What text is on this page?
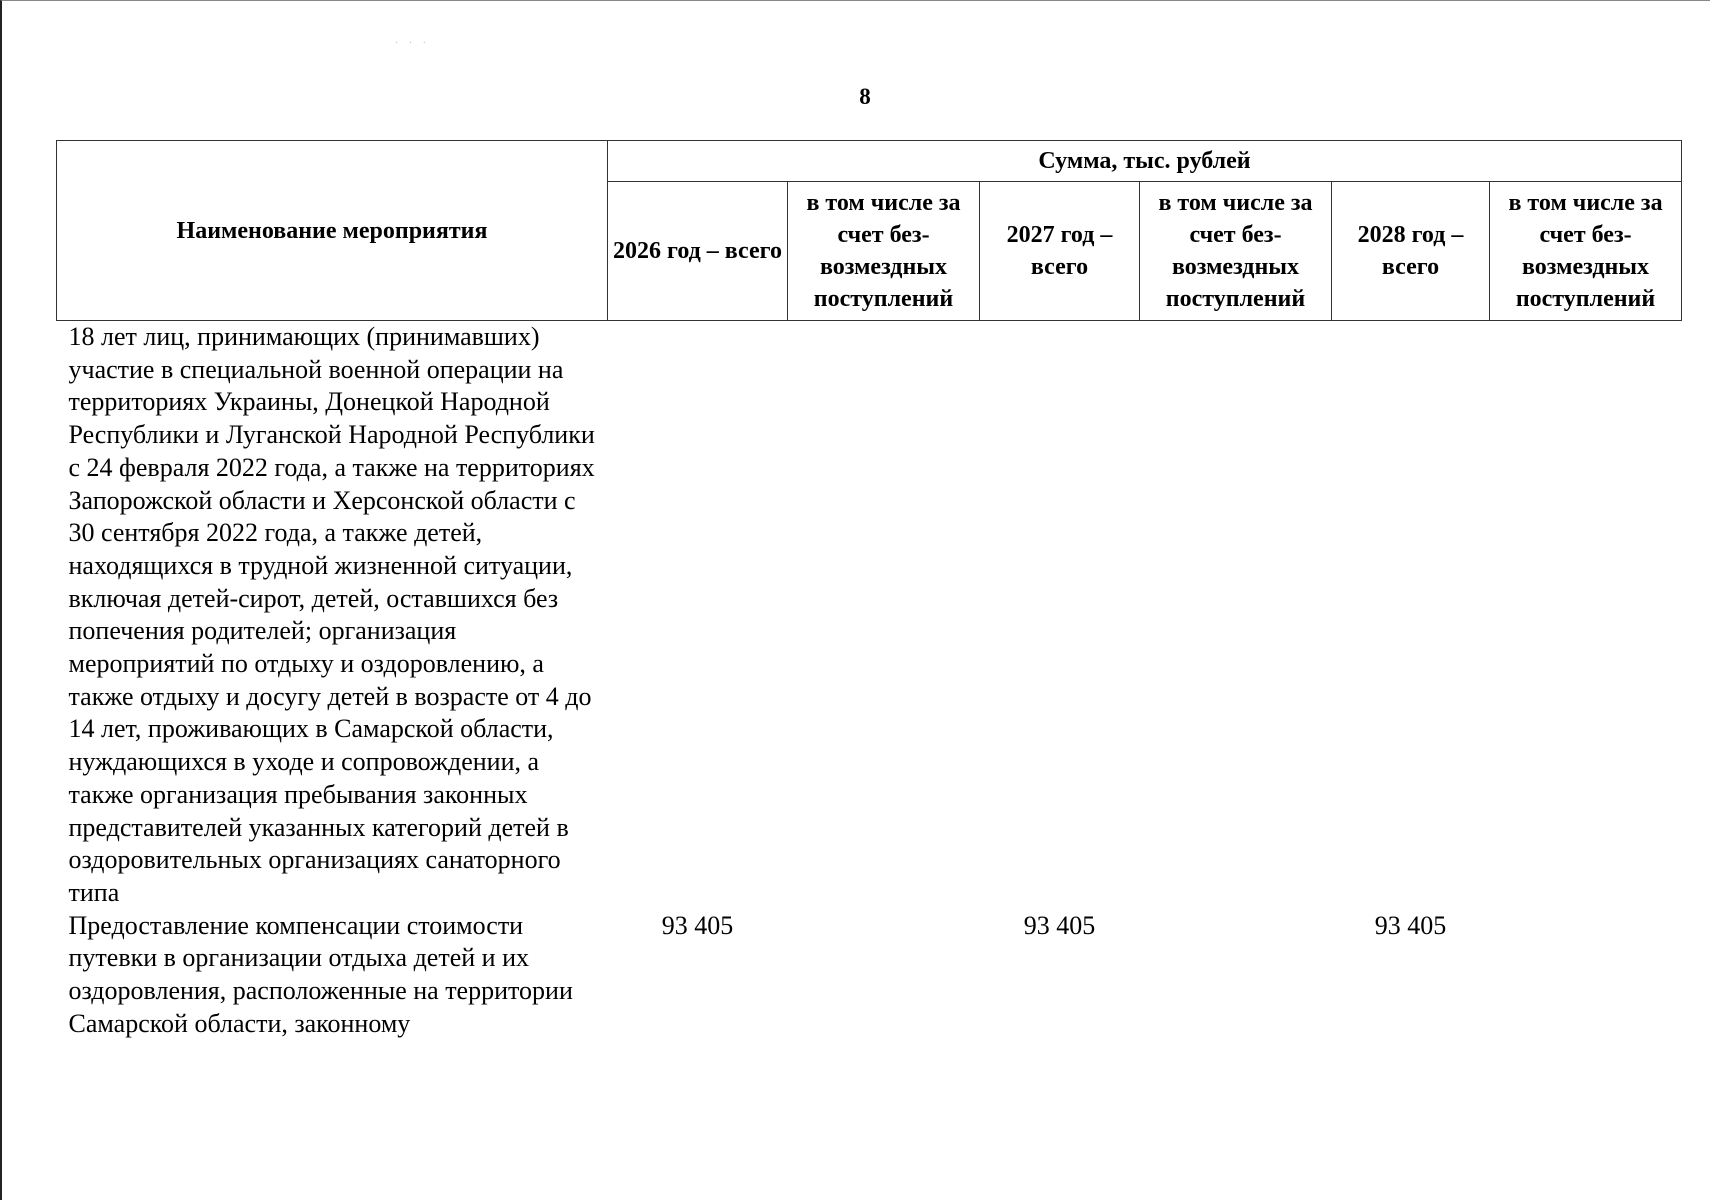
· · ·
8
Наименование мероприятия	Сумма, тыс. рублей					
	2026 год – всего	в том числе за счет без-возмездных поступлений	2027 год – всего	в том числе за счет без-возмездных поступлений	2028 год – всего	в том числе за счет без-возмездных поступлений
18 лет лиц, принимающих (принимавших) участие в специальной военной операции на территориях Украины, Донецкой Народной Республики и Луганской Народной Республики с 24 февраля 2022 года, а также на территориях Запорожской области и Херсонской области с 30 сентября 2022 года, а также детей, находящихся в трудной жизненной ситуации, включая детей-сирот, детей, оставшихся без попечения родителей; организация мероприятий по отдыху и оздоровлению, а также отдыху и досугу детей в возрасте от 4 до 14 лет, проживающих в Самарской области, нуждающихся в уходе и сопровождении, а также организация пребывания законных представителей указанных категорий детей в оздоровительных организациях санаторного типа						
Предоставление компенсации стоимости путевки в организации отдыха детей и их оздоровления, расположенные на территории Самарской области, законному	93 405		93 405		93 405	
